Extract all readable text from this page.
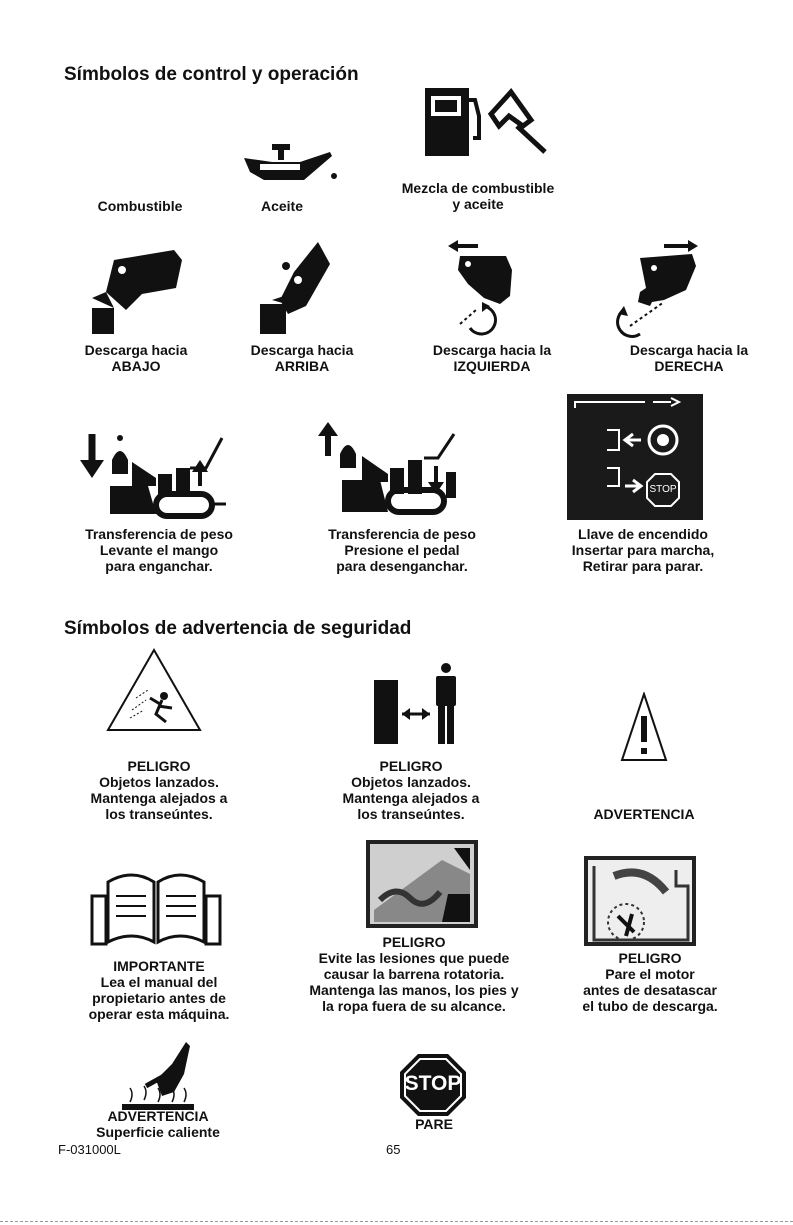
Símbolos de control y operación
Símbolos de advertencia de seguridad
Combustible	Aceite
Mezcla de combustible
y aceite
Descarga hacia
ABAJO
Descarga hacia
ARRIBA
Descarga hacia la
IZQUIERDA
Descarga hacia la
DERECHA
STOP
Transferencia de peso
Levante el mango
para enganchar.
Transferencia de peso
Presione el pedal
para desenganchar.
Llave de encendido
Insertar para marcha,
Retirar para parar.
PELIGRO
Objetos lanzados.
Mantenga alejados a
los transeúntes.
PELIGRO
Objetos lanzados.
Mantenga alejados a
los transeúntes.	ADVERTENCIA
IMPORTANTE
Lea el manual del
propietario antes de
operar esta máquina.
PELIGRO
Evite las lesiones que puede
causar la barrena rotatoria.
Mantenga las manos, los pies y
la ropa fuera de su alcance.
PELIGRO
Pare el motor
antes de desatascar
el tubo de descarga.
STOP
ADVERTENCIA
Superficie caliente	PARE
F-031000L	65
